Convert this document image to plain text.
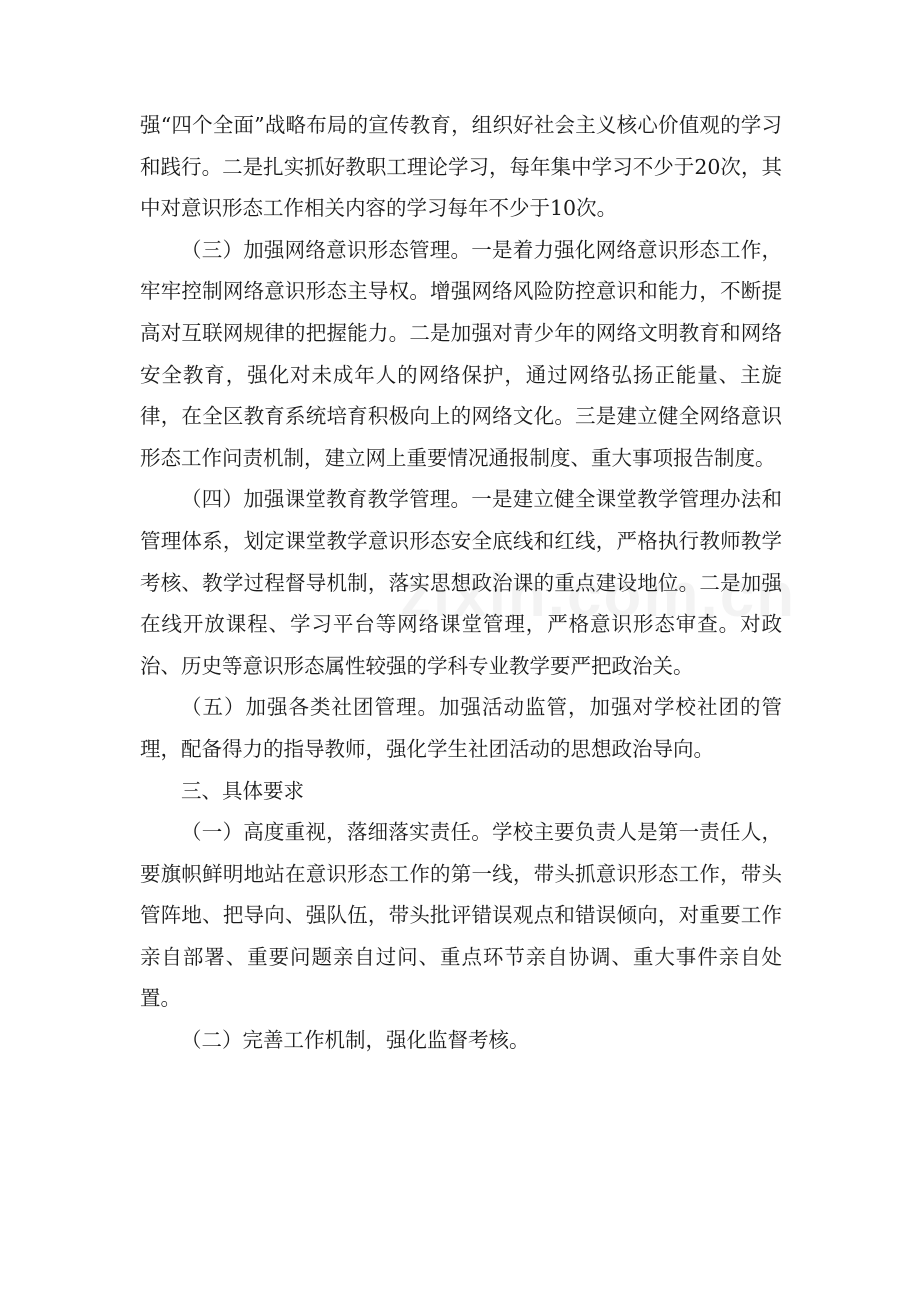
强“四个全面”战略布局的宣传教育，组织好社会主义核心价值观的学习和践行。二是扎实抓好教职工理论学习，每年集中学习不少于20次，其中对意识形态工作相关内容的学习每年不少于10次。

（三）加强网络意识形态管理。一是着力强化网络意识形态工作，牢牢控制网络意识形态主导权。增强网络风险防控意识和能力，不断提高对互联网规律的把握能力。二是加强对青少年的网络文明教育和网络安全教育，强化对未成年人的网络保护，通过网络弘扬正能量、主旋律，在全区教育系统培育积极向上的网络文化。三是建立健全网络意识形态工作问责机制，建立网上重要情况通报制度、重大事项报告制度。

（四）加强课堂教育教学管理。一是建立健全课堂教学管理办法和管理体系，划定课堂教学意识形态安全底线和红线，严格执行教师教学考核、教学过程督导机制，落实思想政治课的重点建设地位。二是加强在线开放课程、学习平台等网络课堂管理，严格意识形态审查。对政治、历史等意识形态属性较强的学科专业教学要严把政治关。

（五）加强各类社团管理。加强活动监管，加强对学校社团的管理，配备得力的指导教师，强化学生社团活动的思想政治导向。

三、具体要求

（一）高度重视，落细落实责任。学校主要负责人是第一责任人，要旗帜鲜明地站在意识形态工作的第一线，带头抓意识形态工作，带头管阵地、把导向、强队伍，带头批评错误观点和错误倾向，对重要工作亲自部署、重要问题亲自过问、重点环节亲自协调、重大事件亲自处置。

（二）完善工作机制，强化监督考核。
